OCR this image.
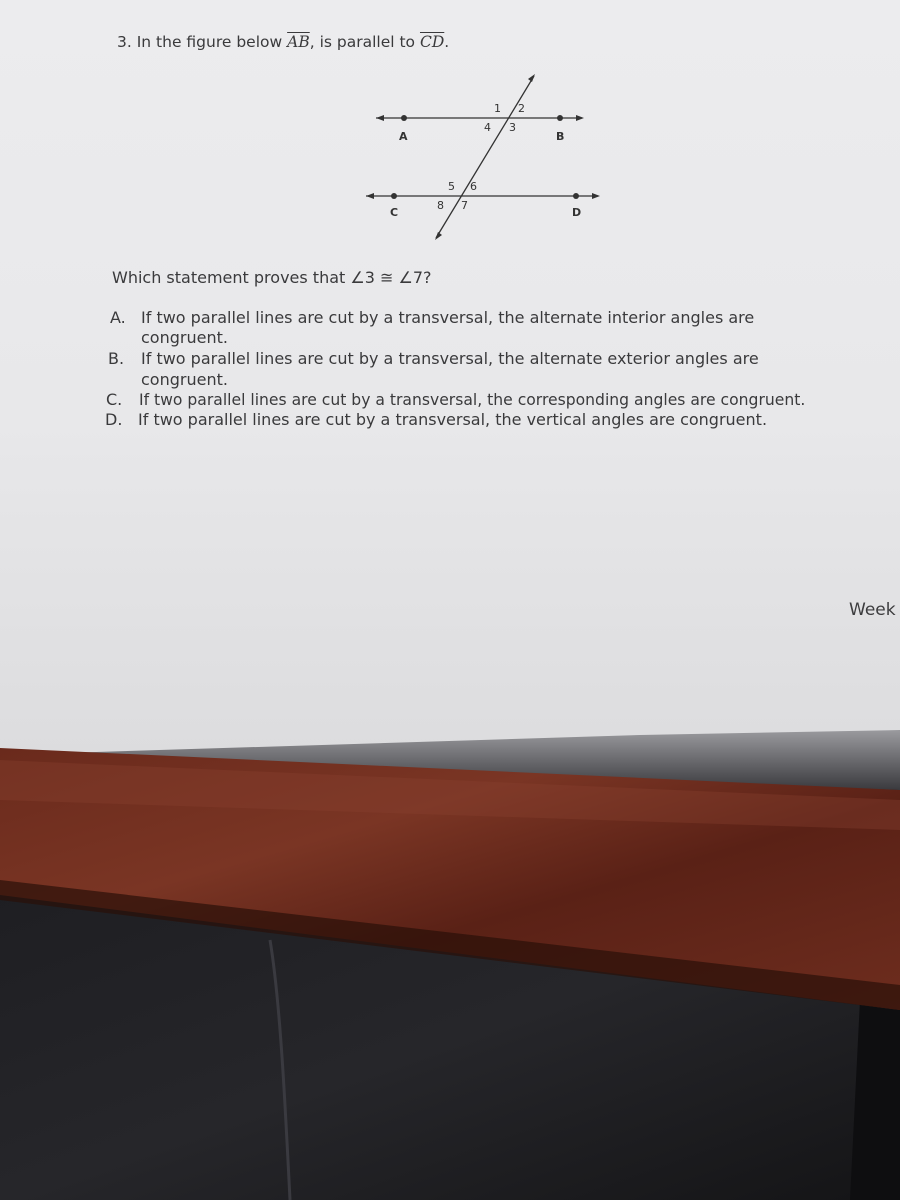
3. In the figure below $\overline{AB}$, is parallel to $\overline{CD}$.
A	B
C	D
1 2
3
4
5 6
7
8
Which statement proves that ∠3 ≅ ∠7?
A. If two parallel lines are cut by a transversal, the alternate interior angles are
congruent.
B. If two parallel lines are cut by a transversal, the alternate exterior angles are
congruent.
C. If two parallel lines are cut by a transversal, the corresponding angles are congruent.
D. If two parallel lines are cut by a transversal, the vertical angles are congruent.
Week
